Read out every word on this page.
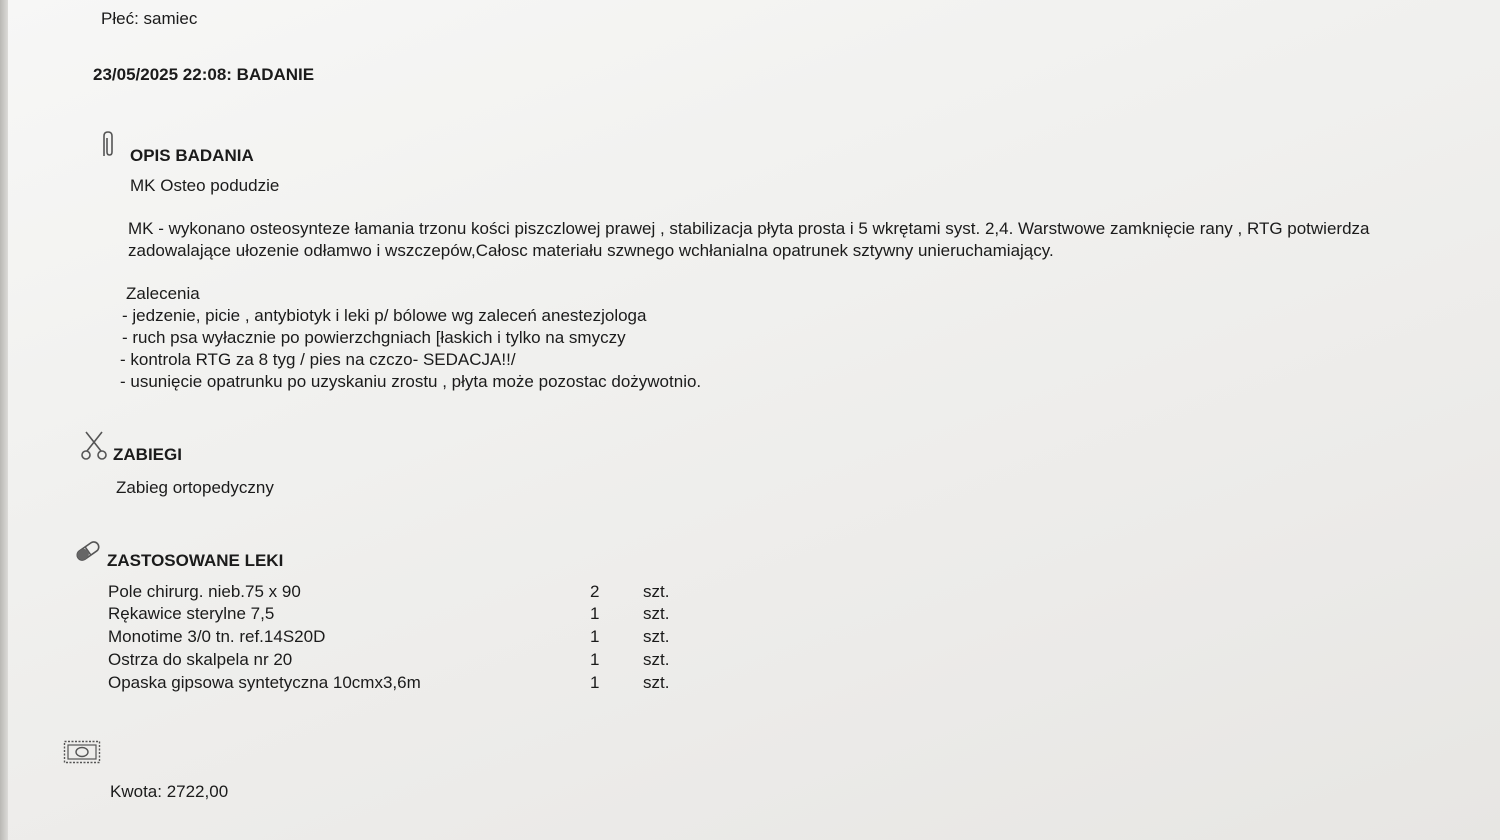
Płeć: samiec
23/05/2025 22:08: BADANIE
OPIS BADANIA
MK Osteo podudzie
MK - wykonano osteosynteze łamania trzonu kości piszczlowej prawej , stabilizacja płyta prosta i 5 wkrętami syst. 2,4. Warstwowe zamknięcie rany , RTG potwierdza
zadowalające ułozenie odłamwo i wszczepów,Całosc materiału szwnego wchłanialna opatrunek sztywny unieruchamiający.
Zalecenia
- jedzenie, picie , antybiotyk i leki p/ bólowe wg zaleceń anestezjologa
- ruch psa wyłacznie po powierzchgniach [łaskich i tylko na smyczy
- kontrola RTG za 8 tyg / pies na czczo- SEDACJA!!/
- usunięcie opatrunku po uzyskaniu zrostu , płyta może pozostac dożywotnio.
ZABIEGI
Zabieg ortopedyczny
ZASTOSOWANE LEKI
Pole chirurg. nieb.75 x 90	2	szt.
Rękawice sterylne 7,5	1	szt.
Monotime 3/0 tn. ref.14S20D	1	szt.
Ostrza do skalpela nr 20	1	szt.
Opaska gipsowa syntetyczna 10cmx3,6m	1	szt.
Kwota: 2722,00
